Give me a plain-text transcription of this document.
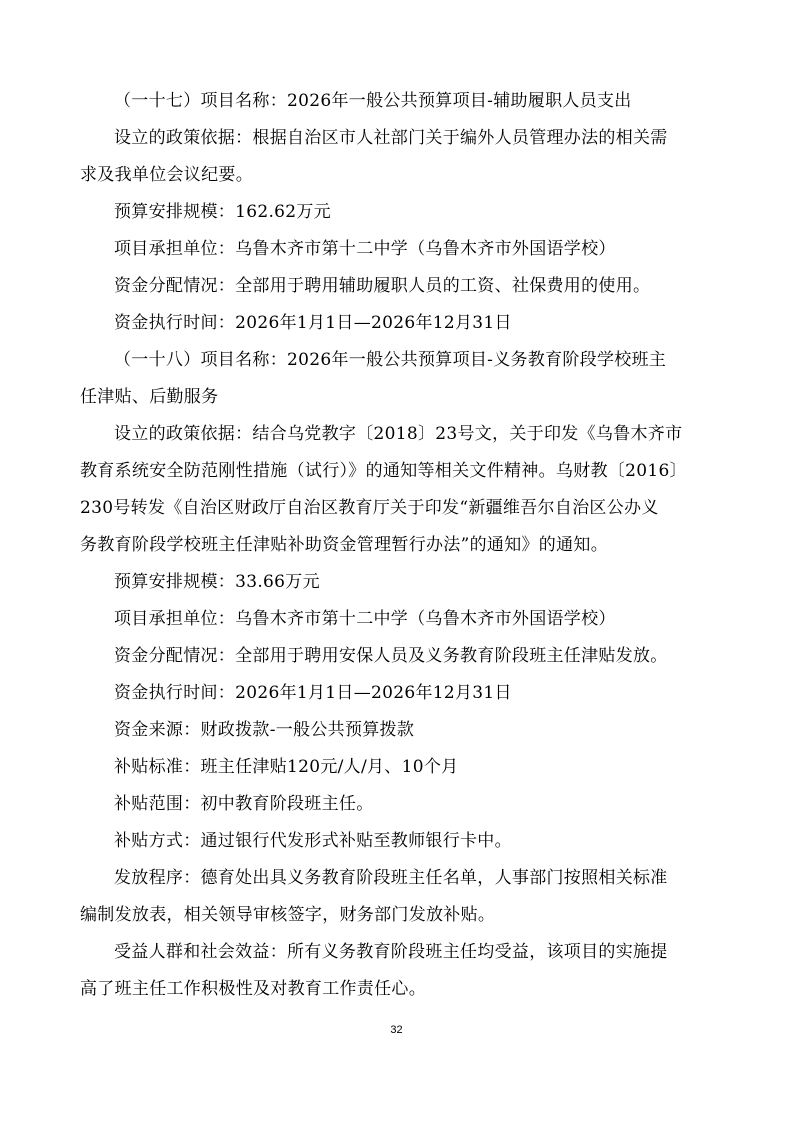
（一十七）项目名称：2026年一般公共预算项目-辅助履职人员支出
设立的政策依据：根据自治区市人社部门关于编外人员管理办法的相关需
求及我单位会议纪要。
预算安排规模：162.62万元
项目承担单位：乌鲁木齐市第十二中学（乌鲁木齐市外国语学校）
资金分配情况：全部用于聘用辅助履职人员的工资、社保费用的使用。
资金执行时间：2026年1月1日—2026年12月31日
（一十八）项目名称：2026年一般公共预算项目-义务教育阶段学校班主
任津贴、后勤服务
设立的政策依据：结合乌党教字〔2018〕23号文，关于印发《乌鲁木齐市
教育系统安全防范刚性措施（试行）》的通知等相关文件精神。乌财教〔2016〕
230号转发《自治区财政厅自治区教育厅关于印发“新疆维吾尔自治区公办义
务教育阶段学校班主任津贴补助资金管理暂行办法”的通知》的通知。
预算安排规模：33.66万元
项目承担单位：乌鲁木齐市第十二中学（乌鲁木齐市外国语学校）
资金分配情况：全部用于聘用安保人员及义务教育阶段班主任津贴发放。
资金执行时间：2026年1月1日—2026年12月31日
资金来源：财政拨款-一般公共预算拨款
补贴标准：班主任津贴120元/人/月、10个月
补贴范围：初中教育阶段班主任。
补贴方式：通过银行代发形式补贴至教师银行卡中。
发放程序：德育处出具义务教育阶段班主任名单，人事部门按照相关标准
编制发放表，相关领导审核签字，财务部门发放补贴。
受益人群和社会效益：所有义务教育阶段班主任均受益，该项目的实施提
高了班主任工作积极性及对教育工作责任心。
32
